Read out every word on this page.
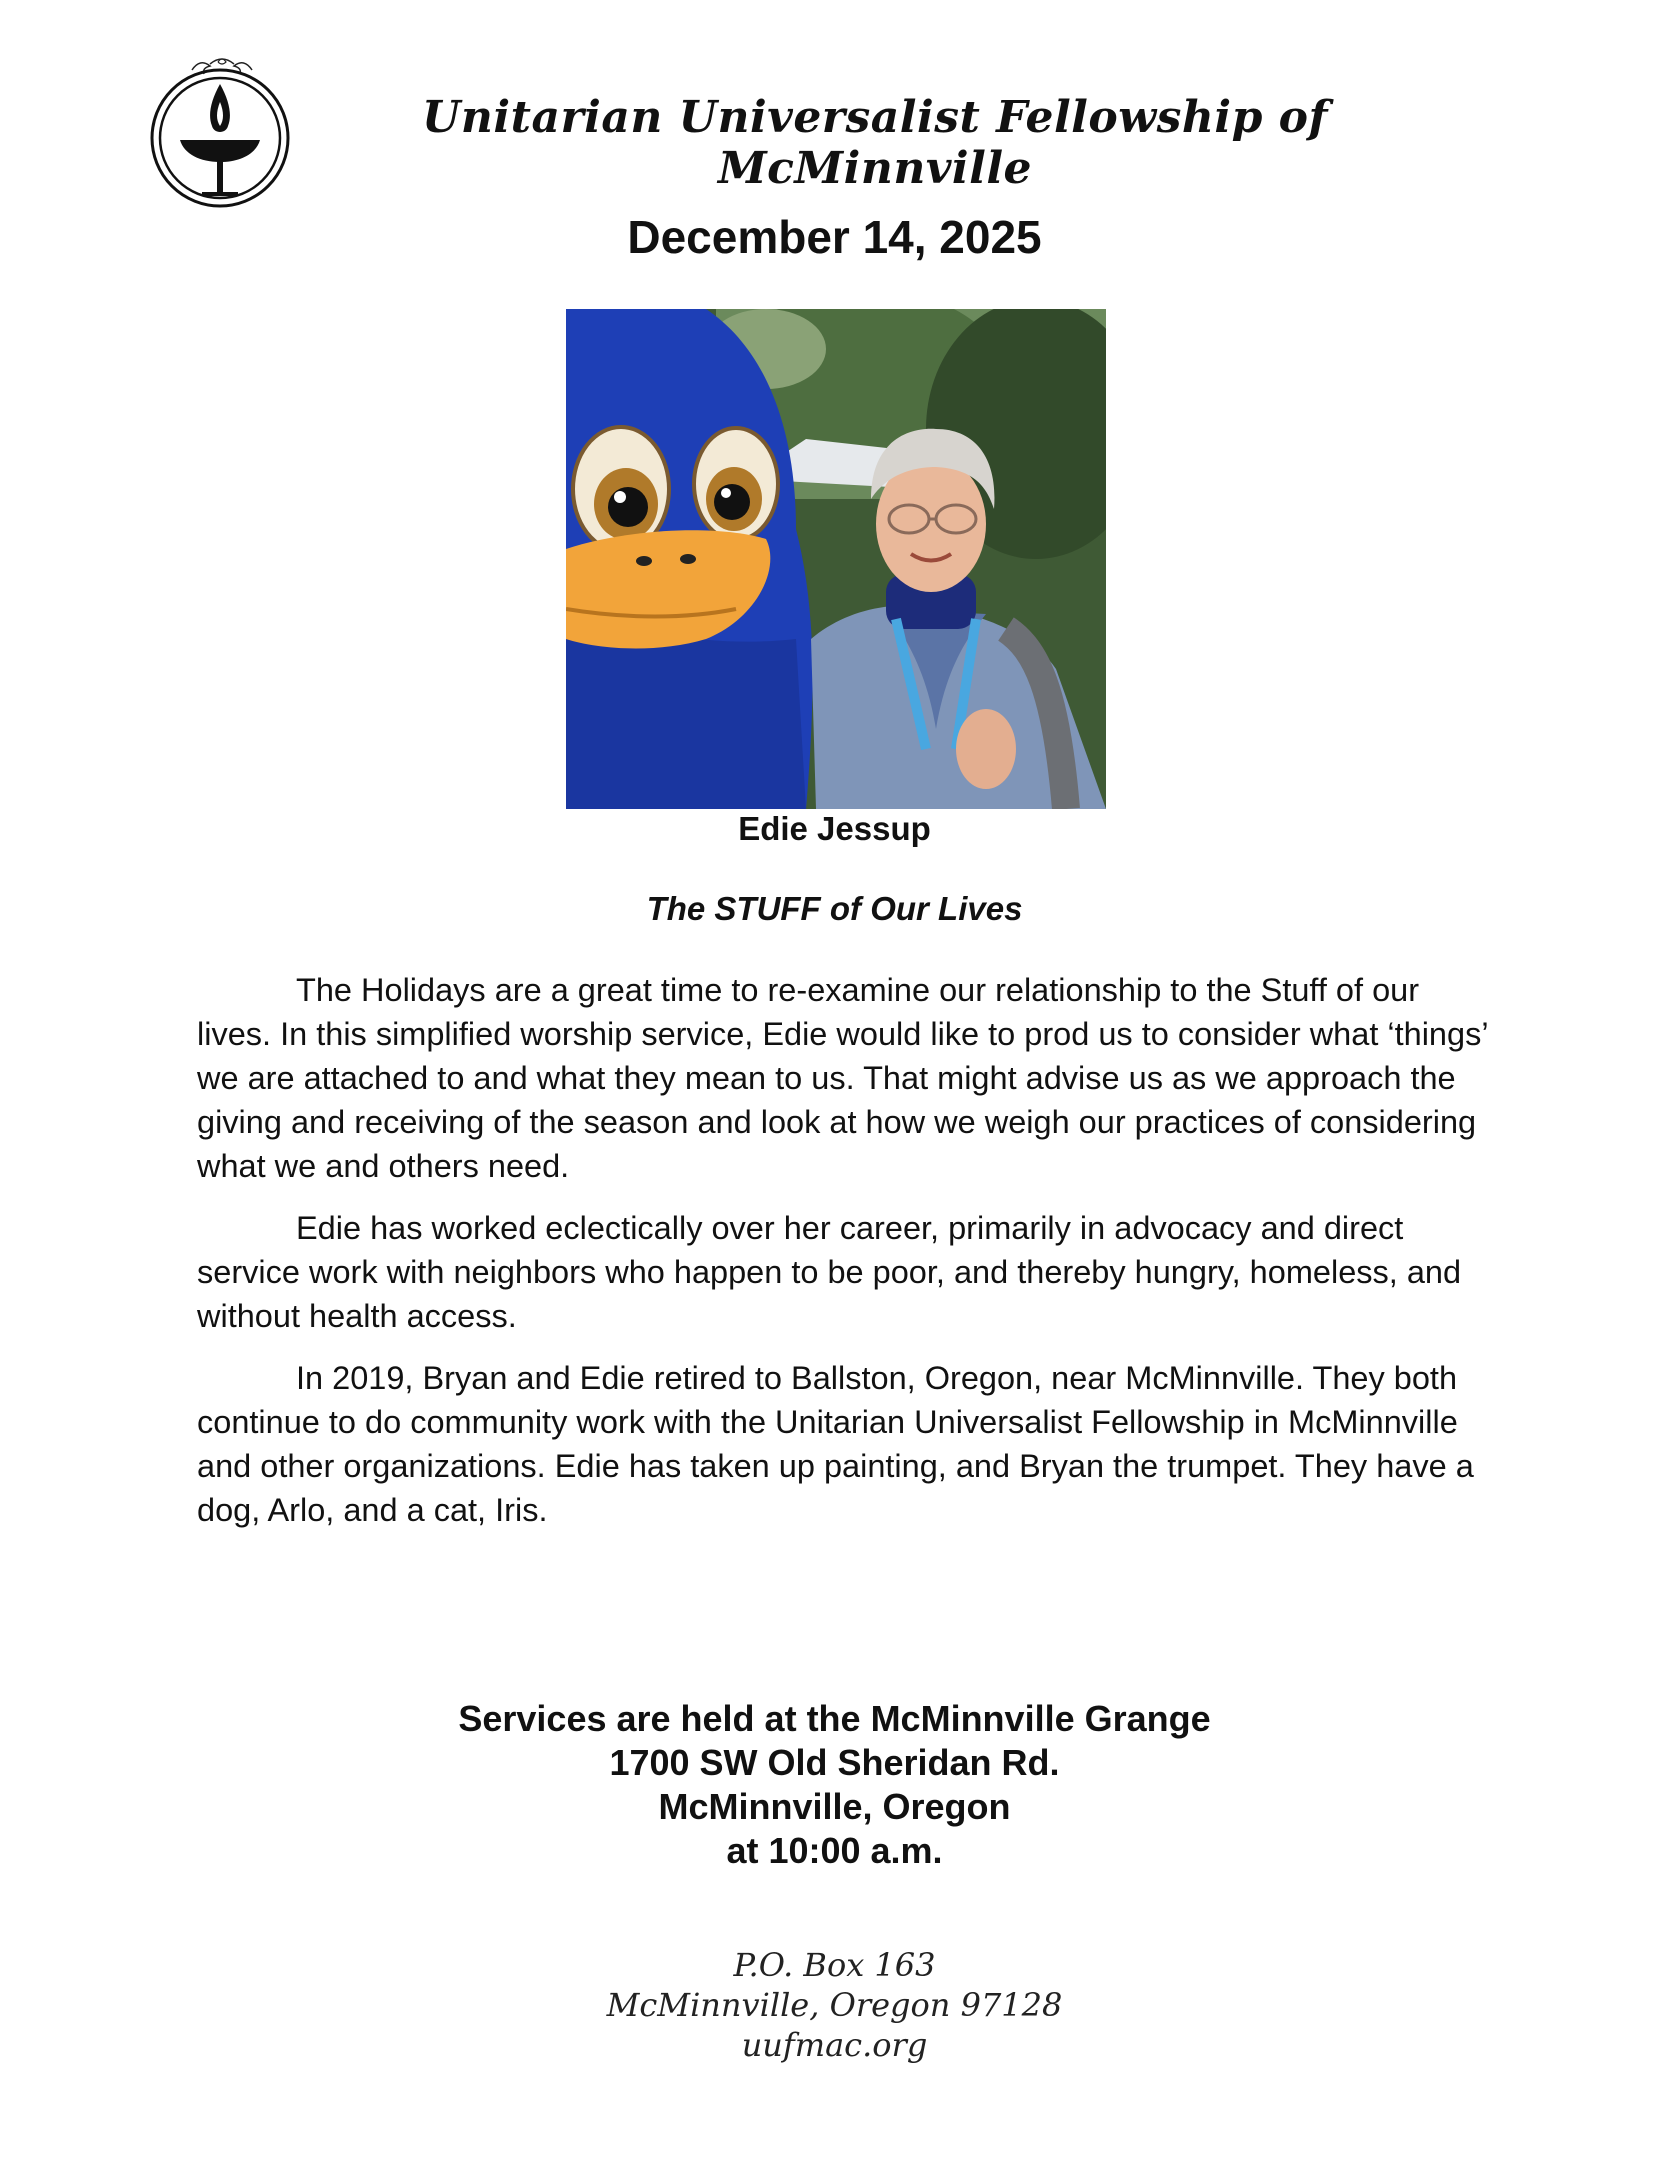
Unitarian Universalist Fellowship of McMinnville
December 14, 2025
Edie Jessup
The STUFF of Our Lives

The Holidays are a great time to re-examine our relationship to the Stuff of our lives. In this simplified worship service, Edie would like to prod us to consider what ‘things’ we are attached to and what they mean to us. That might advise us as we approach the giving and receiving of the season and look at how we weigh our practices of considering what we and others need.

Edie has worked eclectically over her career, primarily in advocacy and direct service work with neighbors who happen to be poor, and thereby hungry, homeless, and without health access.

In 2019, Bryan and Edie retired to Ballston, Oregon, near McMinnville. They both continue to do community work with the Unitarian Universalist Fellowship in McMinnville and other organizations. Edie has taken up painting, and Bryan the trumpet. They have a dog, Arlo, and a cat, Iris.

Services are held at the McMinnville Grange
1700 SW Old Sheridan Rd.
McMinnville, Oregon
at 10:00 a.m.
P.O. Box 163
McMinnville, Oregon 97128
uufmac.org
